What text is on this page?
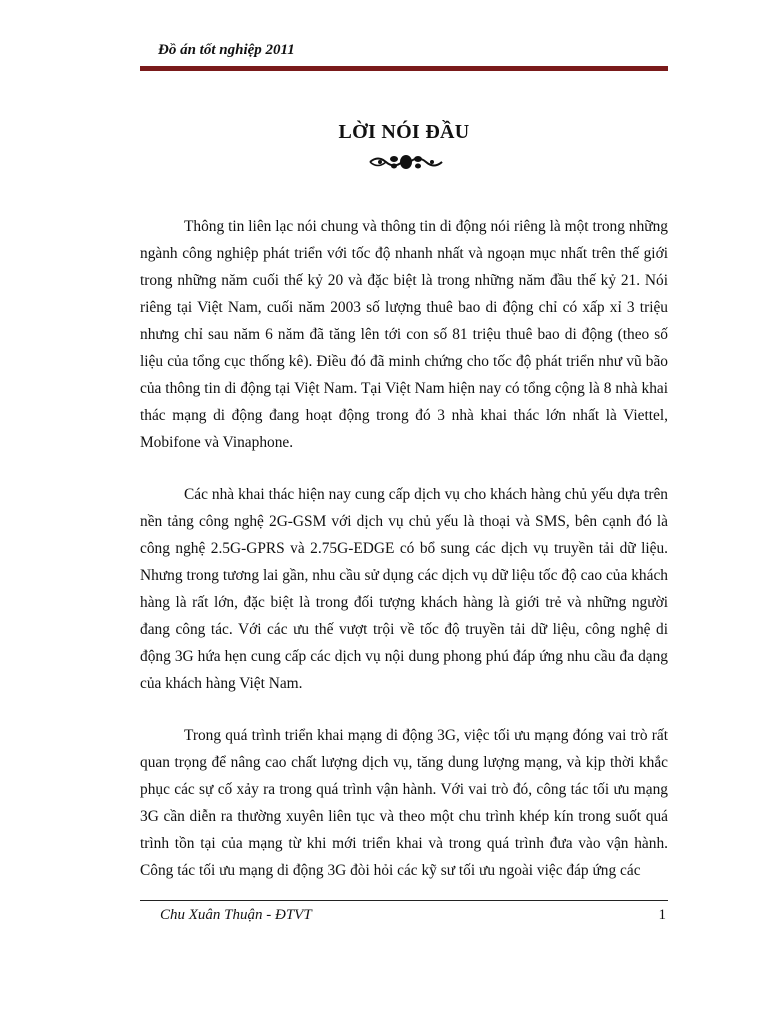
Đồ án tốt nghiệp 2011
LỜI NÓI ĐẦU

Thông tin liên lạc nói chung và thông tin di động nói riêng là một trong những ngành công nghiệp phát triển với tốc độ nhanh nhất và ngoạn mục nhất trên thế giới trong những năm cuối thế kỷ 20 và đặc biệt là trong những năm đầu thế kỷ 21. Nói riêng tại Việt Nam, cuối năm 2003 số lượng thuê bao di động chỉ có xấp xỉ 3 triệu nhưng chỉ sau năm 6 năm đã tăng lên tới con số 81 triệu thuê bao di động (theo số liệu của tổng cục thống kê). Điều đó đã minh chứng cho tốc độ phát triển như vũ bão của thông tin di động tại Việt Nam. Tại Việt Nam hiện nay có tổng cộng là 8 nhà khai thác mạng di động đang hoạt động trong đó 3 nhà khai thác lớn nhất là Viettel, Mobifone và Vinaphone.

Các nhà khai thác hiện nay cung cấp dịch vụ cho khách hàng chủ yếu dựa trên nền tảng công nghệ 2G-GSM với dịch vụ chủ yếu là thoại và SMS, bên cạnh đó là công nghệ 2.5G-GPRS và 2.75G-EDGE có bổ sung các dịch vụ truyền tải dữ liệu. Nhưng trong tương lai gần, nhu cầu sử dụng các dịch vụ dữ liệu tốc độ cao của khách hàng là rất lớn, đặc biệt là trong đối tượng khách hàng là giới trẻ và những người đang công tác. Với các ưu thế vượt trội về tốc độ truyền tải dữ liệu, công nghệ di động 3G hứa hẹn cung cấp các dịch vụ nội dung phong phú đáp ứng nhu cầu đa dạng của khách hàng Việt Nam.

Trong quá trình triển khai mạng di động 3G, việc tối ưu mạng đóng vai trò rất quan trọng để nâng cao chất lượng dịch vụ, tăng dung lượng mạng, và kịp thời khắc phục các sự cố xảy ra trong quá trình vận hành. Với vai trò đó, công tác tối ưu mạng 3G cần diễn ra thường xuyên liên tục và theo một chu trình khép kín trong suốt quá trình tồn tại của mạng từ khi mới triển khai và trong quá trình đưa vào vận hành. Công tác tối ưu mạng di động 3G đòi hỏi các kỹ sư tối ưu ngoài việc đáp ứng các

Chu Xuân Thuận - ĐTVT	1
